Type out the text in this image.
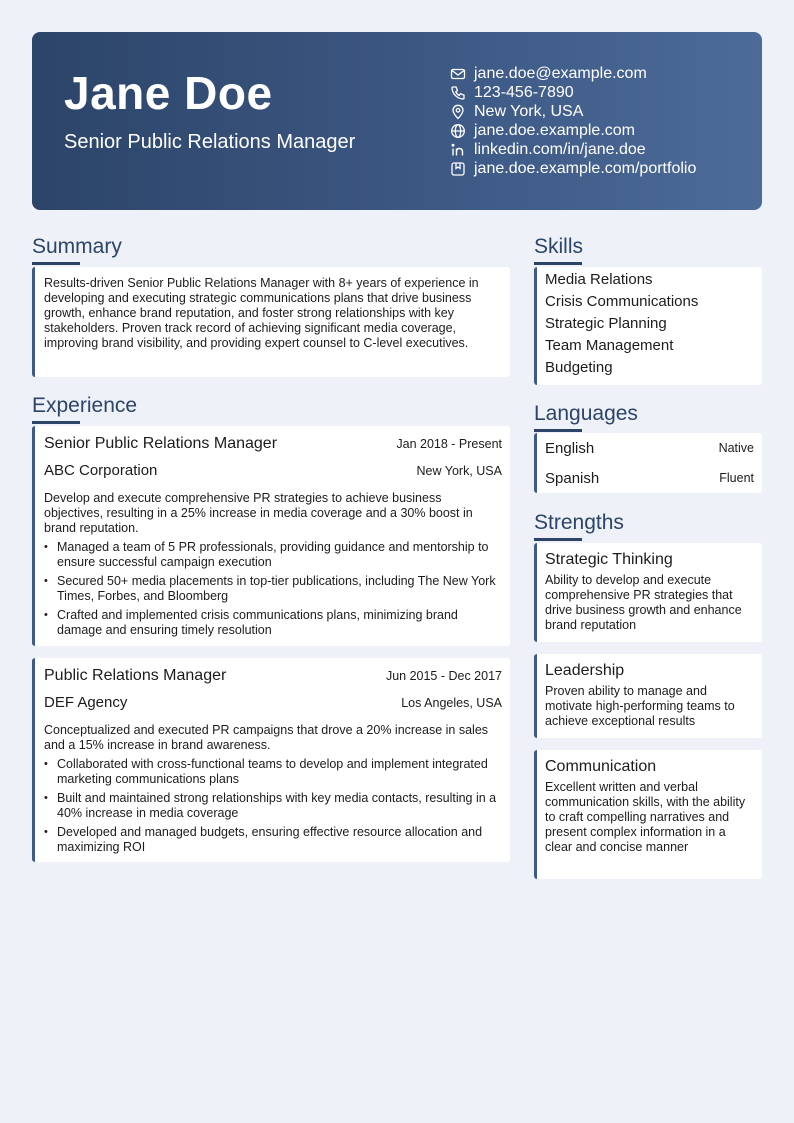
Jane Doe
Senior Public Relations Manager
jane.doe@example.com
123-456-7890
New York, USA
jane.doe.example.com
linkedin.com/in/jane.doe
jane.doe.example.com/portfolio
Summary
Results-driven Senior Public Relations Manager with 8+ years of experience in developing and executing strategic communications plans that drive business growth, enhance brand reputation, and foster strong relationships with key stakeholders. Proven track record of achieving significant media coverage, improving brand visibility, and providing expert counsel to C-level executives.
Experience
Senior Public Relations Manager	Jan 2018 - Present
ABC Corporation	New York, USA
Develop and execute comprehensive PR strategies to achieve business objectives, resulting in a 25% increase in media coverage and a 30% boost in brand reputation.
• Managed a team of 5 PR professionals, providing guidance and mentorship to ensure successful campaign execution
• Secured 50+ media placements in top-tier publications, including The New York Times, Forbes, and Bloomberg
• Crafted and implemented crisis communications plans, minimizing brand damage and ensuring timely resolution
Public Relations Manager	Jun 2015 - Dec 2017
DEF Agency	Los Angeles, USA
Conceptualized and executed PR campaigns that drove a 20% increase in sales and a 15% increase in brand awareness.
• Collaborated with cross-functional teams to develop and implement integrated marketing communications plans
• Built and maintained strong relationships with key media contacts, resulting in a 40% increase in media coverage
• Developed and managed budgets, ensuring effective resource allocation and maximizing ROI
Skills
Media Relations
Crisis Communications
Strategic Planning
Team Management
Budgeting
Languages
English	Native
Spanish	Fluent
Strengths
Strategic Thinking
Ability to develop and execute comprehensive PR strategies that drive business growth and enhance brand reputation
Leadership
Proven ability to manage and motivate high-performing teams to achieve exceptional results
Communication
Excellent written and verbal communication skills, with the ability to craft compelling narratives and present complex information in a clear and concise manner
